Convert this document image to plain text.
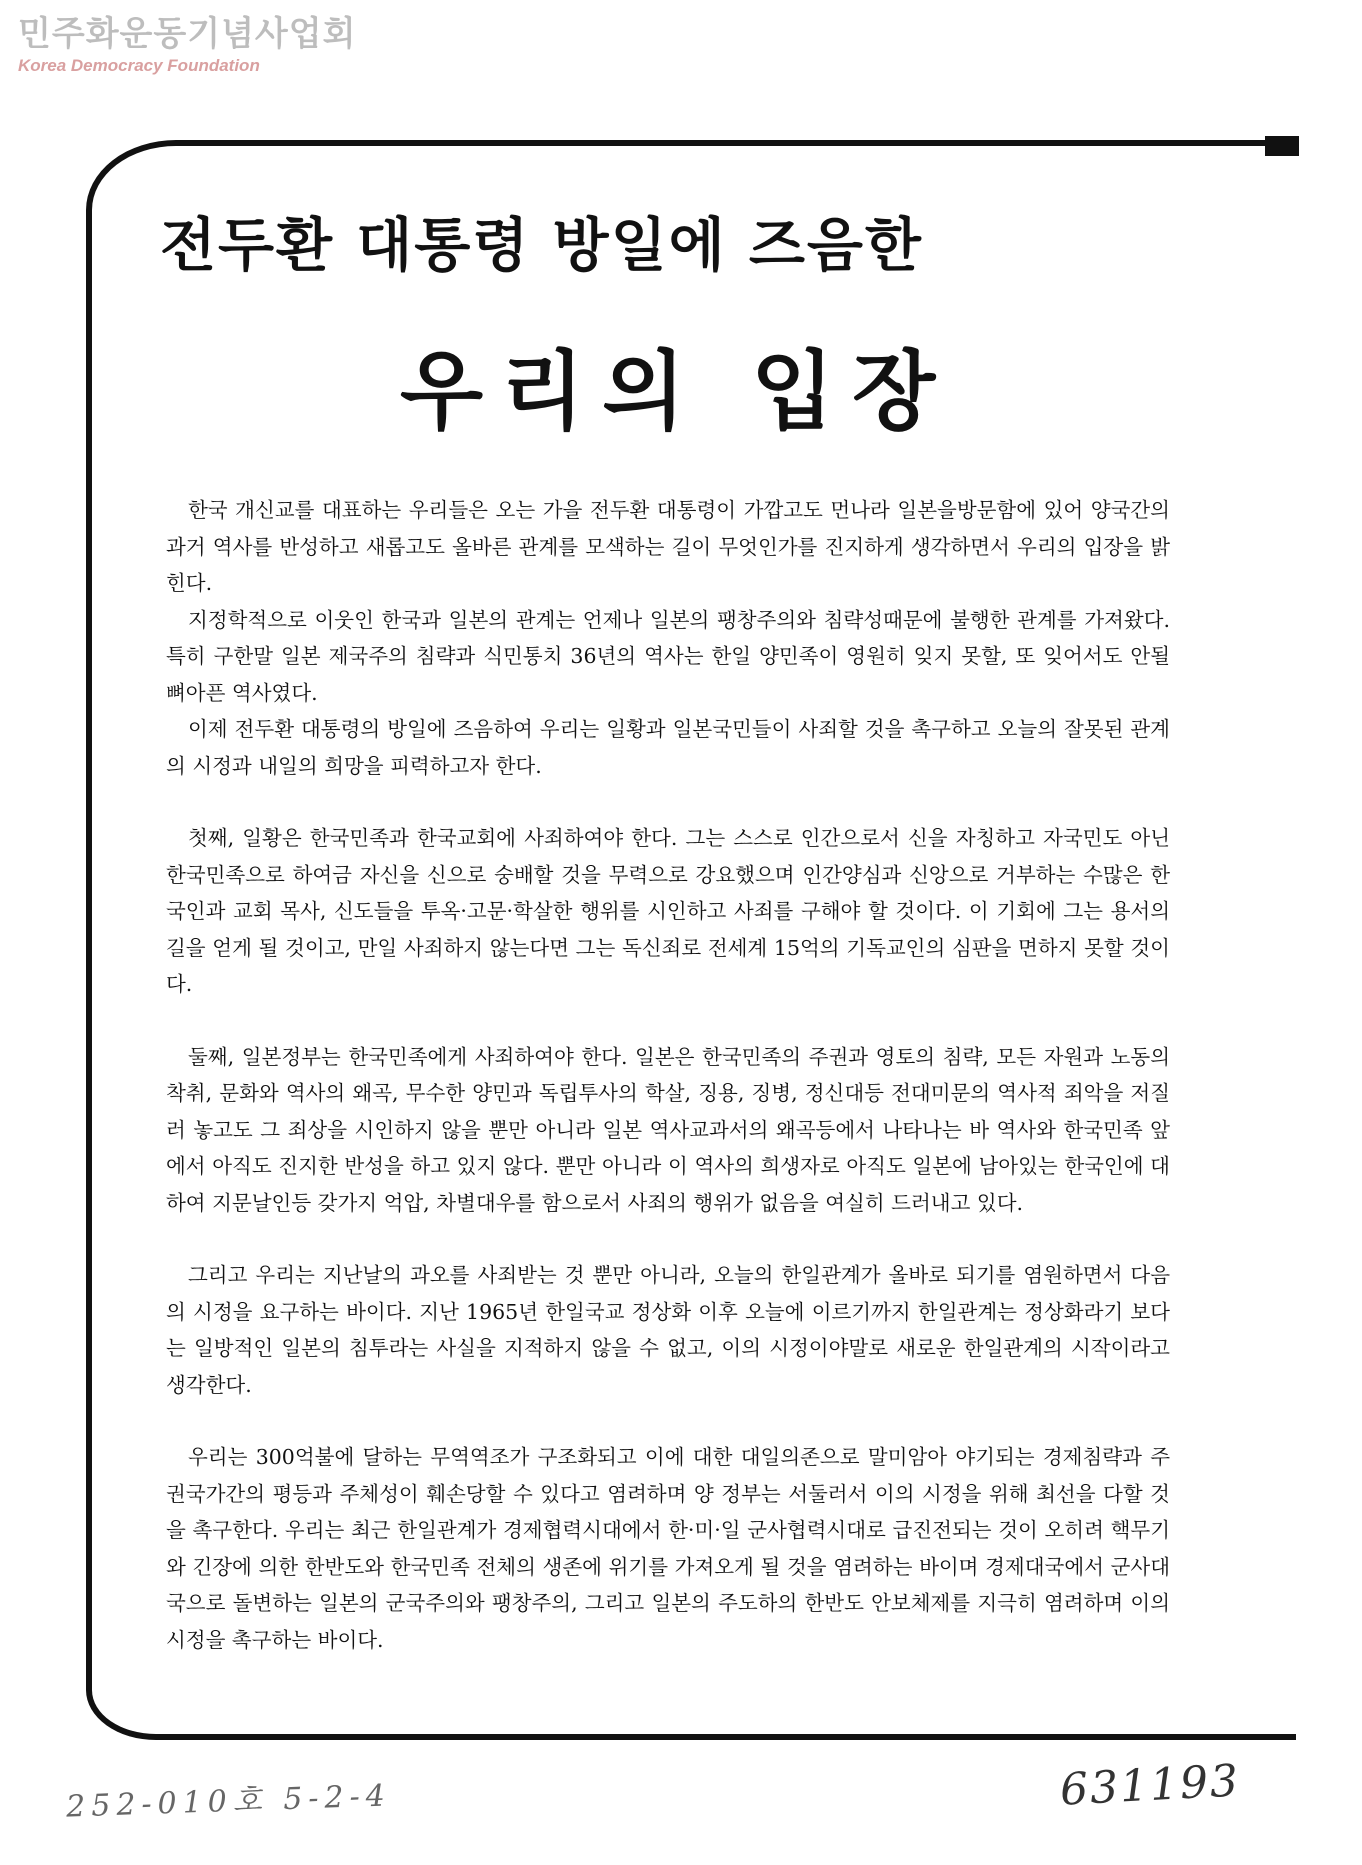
민주화운동기념사업회
Korea Democracy Foundation
전두환 대통령 방일에 즈음한
우리의 입장

한국 개신교를 대표하는 우리들은 오는 가을 전두환 대통령이 가깝고도 먼나라 일본을방문함에 있어 양국간의 과거 역사를 반성하고 새롭고도 올바른 관계를 모색하는 길이 무엇인가를 진지하게 생각하면서 우리의 입장을 밝힌다.

지정학적으로 이웃인 한국과 일본의 관계는 언제나 일본의 팽창주의와 침략성때문에 불행한 관계를 가져왔다. 특히 구한말 일본 제국주의 침략과 식민통치 36년의 역사는 한일 양민족이 영원히 잊지 못할, 또 잊어서도 안될 뼈아픈 역사였다.

이제 전두환 대통령의 방일에 즈음하여 우리는 일황과 일본국민들이 사죄할 것을 촉구하고 오늘의 잘못된 관계의 시정과 내일의 희망을 피력하고자 한다.

첫째, 일황은 한국민족과 한국교회에 사죄하여야 한다. 그는 스스로 인간으로서 신을 자칭하고 자국민도 아닌 한국민족으로 하여금 자신을 신으로 숭배할 것을 무력으로 강요했으며 인간양심과 신앙으로 거부하는 수많은 한국인과 교회 목사, 신도들을 투옥·고문·학살한 행위를 시인하고 사죄를 구해야 할 것이다. 이 기회에 그는 용서의 길을 얻게 될 것이고, 만일 사죄하지 않는다면 그는 독신죄로 전세계 15억의 기독교인의 심판을 면하지 못할 것이다.

둘째, 일본정부는 한국민족에게 사죄하여야 한다. 일본은 한국민족의 주권과 영토의 침략, 모든 자원과 노동의 착취, 문화와 역사의 왜곡, 무수한 양민과 독립투사의 학살, 징용, 징병, 정신대등 전대미문의 역사적 죄악을 저질러 놓고도 그 죄상을 시인하지 않을 뿐만 아니라 일본 역사교과서의 왜곡등에서 나타나는 바 역사와 한국민족 앞에서 아직도 진지한 반성을 하고 있지 않다. 뿐만 아니라 이 역사의 희생자로 아직도 일본에 남아있는 한국인에 대하여 지문날인등 갖가지 억압, 차별대우를 함으로서 사죄의 행위가 없음을 여실히 드러내고 있다.

그리고 우리는 지난날의 과오를 사죄받는 것 뿐만 아니라, 오늘의 한일관계가 올바로 되기를 염원하면서 다음의 시정을 요구하는 바이다. 지난 1965년 한일국교 정상화 이후 오늘에 이르기까지 한일관계는 정상화라기 보다는 일방적인 일본의 침투라는 사실을 지적하지 않을 수 없고, 이의 시정이야말로 새로운 한일관계의 시작이라고 생각한다.

우리는 300억불에 달하는 무역역조가 구조화되고 이에 대한 대일의존으로 말미암아 야기되는 경제침략과 주권국가간의 평등과 주체성이 훼손당할 수 있다고 염려하며 양 정부는 서둘러서 이의 시정을 위해 최선을 다할 것을 촉구한다. 우리는 최근 한일관계가 경제협력시대에서 한·미·일 군사협력시대로 급진전되는 것이 오히려 핵무기와 긴장에 의한 한반도와 한국민족 전체의 생존에 위기를 가져오게 될 것을 염려하는 바이며 경제대국에서 군사대국으로 돌변하는 일본의 군국주의와 팽창주의, 그리고 일본의 주도하의 한반도 안보체제를 지극히 염려하며 이의 시정을 촉구하는 바이다.

252-010호 5-2-4	631193
